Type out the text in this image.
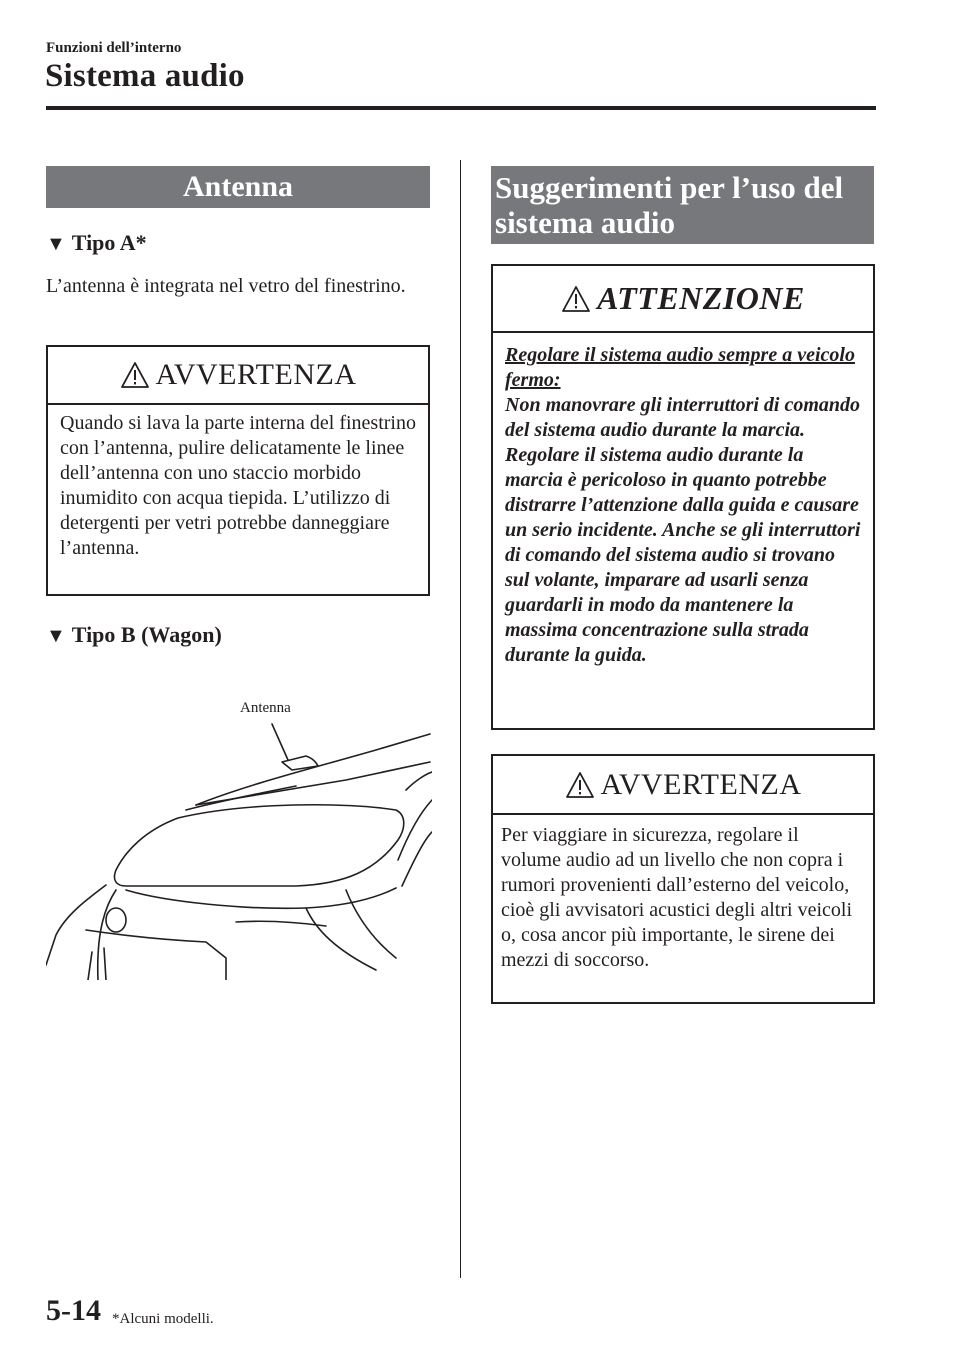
Funzioni dell’interno
Sistema audio
Antenna
▼ Tipo A*
L’antenna è integrata nel vetro del finestrino.
AVVERTENZA
Quando si lava la parte interna del finestrino con l’antenna, pulire delicatamente le linee dell’antenna con uno staccio morbido inumidito con acqua tiepida. L’utilizzo di detergenti per vetri potrebbe danneggiare l’antenna.
▼ Tipo B (Wagon)
Antenna
Suggerimenti per l’uso del sistema audio
ATTENZIONE
Regolare il sistema audio sempre a veicolo fermo:
Non manovrare gli interruttori di comando del sistema audio durante la marcia. Regolare il sistema audio durante la marcia è pericoloso in quanto potrebbe distrarre l’attenzione dalla guida e causare un serio incidente. Anche se gli interruttori di comando del sistema audio si trovano sul volante, imparare ad usarli senza guardarli in modo da mantenere la massima concentrazione sulla strada durante la guida.
AVVERTENZA
Per viaggiare in sicurezza, regolare il volume audio ad un livello che non copra i rumori provenienti dall’esterno del veicolo, cioè gli avvisatori acustici degli altri veicoli o, cosa ancor più importante, le sirene dei mezzi di soccorso.
5-14 *Alcuni modelli.
